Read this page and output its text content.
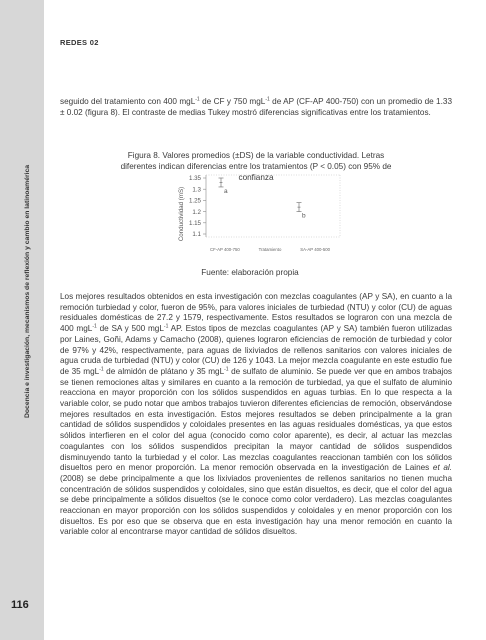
REDES 02
Docencia e investigación, mecanismos de reflexión y cambio en latinoamérica
seguido del tratamiento con 400 mgL$^{-1}$ de CF y 750 mgL$^{-1}$ de AP (CF-AP 400-750) con un promedio de 1.33 ± 0.02 (figura 8). El contraste de medias Tukey mostró diferencias significativas entre los tratamientos.
Figura 8. Valores promedios (±DS) de la variable conductividad. Letras diferentes indican diferencias entre los tratamientos (P < 0.05) con 95% de confianza
Conductividad (mS)
1.35
1.3
1.25
1.2
1.15
1.1
a
b
CF-AP 400-750	Tratamiento	SA-AP 400-500
Fuente: elaboración propia
Los mejores resultados obtenidos en esta investigación con mezclas coagulantes (AP y SA), en cuanto a la remoción turbiedad y color, fueron de 95%, para valores iniciales de turbiedad (NTU) y color (CU) de aguas residuales domésticas de 27.2 y 1579, respectivamente. Estos resultados se lograron con una mezcla de 400 mgL$^{-1}$ de SA y 500 mgL$^{-1}$ AP. Estos tipos de mezclas coagulantes (AP y SA) también fueron utilizadas por Laines, Goñi, Adams y Camacho (2008), quienes lograron eficiencias de remoción de turbiedad y color de 97% y 42%, respectivamente, para aguas de lixiviados de rellenos sanitarios con valores iniciales de agua cruda de turbiedad (NTU) y color (CU) de 126 y 1043. La mejor mezcla coagulante en este estudio fue de 35 mgL$^{-1}$ de almidón de plátano y 35 mgL$^{-1}$ de sulfato de aluminio. Se puede ver que en ambos trabajos se tienen remociones altas y similares en cuanto a la remoción de turbiedad, ya que el sulfato de aluminio reacciona en mayor proporción con los sólidos suspendidos en aguas turbias. En lo que respecta a la variable color, se pudo notar que ambos trabajos tuvieron diferentes eficiencias de remoción, observándose mejores resultados en esta investigación. Estos mejores resultados se deben principalmente a la gran cantidad de sólidos suspendidos y coloidales presentes en las aguas residuales domésticas, ya que estos sólidos interfieren en el color del agua (conocido como color aparente), es decir, al actuar las mezclas coagulantes con los sólidos suspendidos precipitan la mayor cantidad de sólidos suspendidos disminuyendo tanto la turbiedad y el color. Las mezclas coagulantes reaccionan también con los sólidos disueltos pero en menor proporción. La menor remoción observada en la investigación de Laines et al. (2008) se debe principalmente a que los lixiviados provenientes de rellenos sanitarios no tienen mucha concentración de sólidos suspendidos y coloidales, sino que están disueltos, es decir, que el color del agua se debe principalmente a sólidos disueltos (se le conoce como color verdadero). Las mezclas coagulantes reaccionan en mayor proporción con los sólidos suspendidos y coloidales y en menor proporción con los disueltos. Es por eso que se observa que en esta investigación hay una menor remoción en cuanto la variable color al encontrarse mayor cantidad de sólidos disueltos.
116
